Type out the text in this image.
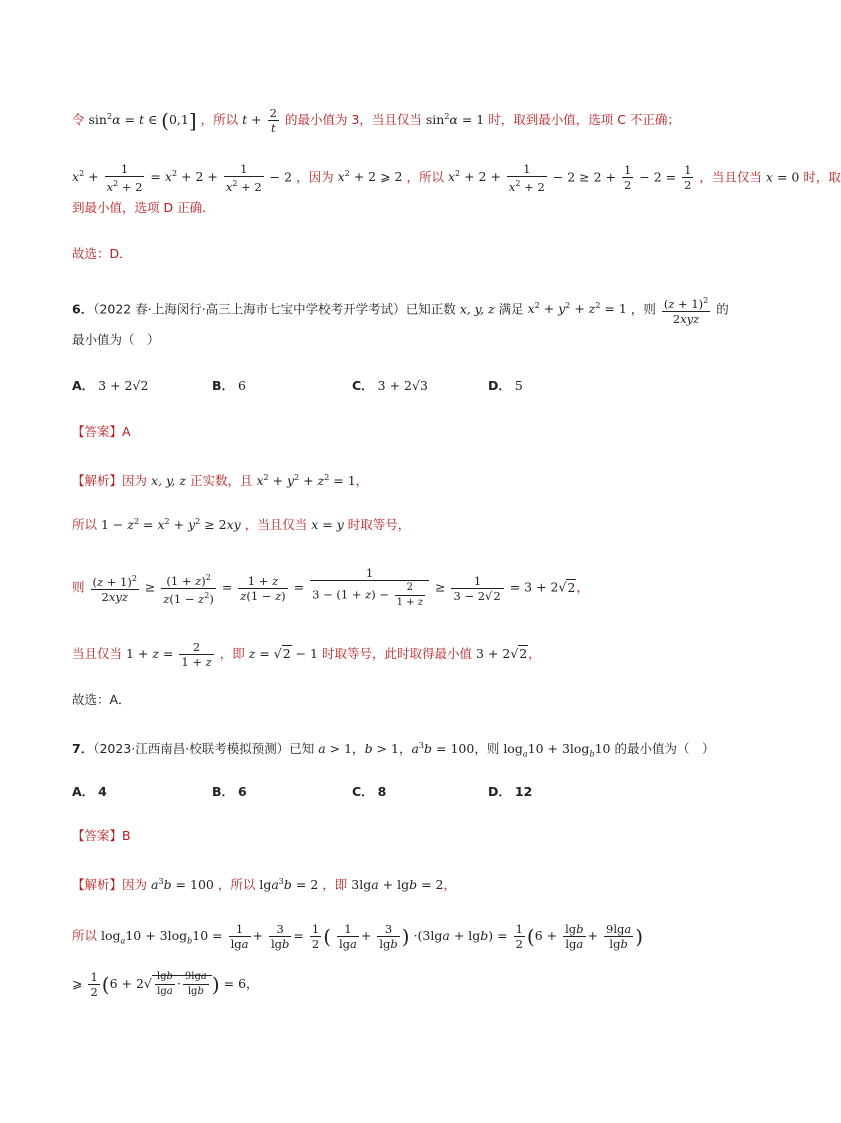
令 $\sin^2\alpha = t$ ∈ (0,1] ，所以 $t + \frac{2}{t}$ 的最小值为 3，当且仅当 $\sin^2\alpha = 1$ 时，取到最小值，选项 C 不正确；
$x^2 + \frac{1}{x^2 + 2} = x^2 + 2 + \frac{1}{x^2 + 2} - 2$ ，因为 $x^2 + 2$ ⩾ 2 ，所以 $x^2 + 2 + \frac{1}{x^2 + 2} - 2 \ge 2 + \frac{1}{2} - 2 = \frac{1}{2}$ ，当且仅当 x = 0 时，取
到最小值，选项 D 正确．
故选：D．
6．（2022 春·上海闵行·高三上海市七宝中学校考开学考试）已知正数 x, y, z 满足 $x^2 + y^2 + z^2 = 1$ ，则 $\frac{(z + 1)^2}{\text{2xyz}}$ 的
最小值为（　）
A． 3 + 2√2	B． 6	C． 3 + 2√3	D． 5
【答案】A
【解析】因为 x, y, z 正实数，且 $x^2 + y^2 + z^2 = 1$，
所以 $1 - z^2 = x^2 + y^2 \ge 2xy$ ，当且仅当 x = y 时取等号，
则 $\frac{(z + 1)^2}{\text{2xyz}} \ge \frac{(1 + z)^2}{z(1 - z^2)} = \frac{1 + z}{z(1 - z)} = \frac{1}{3 - (1 + z) - \frac{2}{1 + z}} \ge \frac{1}{3 - 2√2} = 3 + 2√2$，
当且仅当 $1 + z = \frac{2}{1 + z}$ ，即 z = √2 − 1 时取等号，此时取得最小值 3 + 2√2，
故选：A．
7．（2023·江西南昌·校联考模拟预测）已知 a > 1，b > 1，$a^3b = 100$，则 $\log_a10 + 3\log_b10$ 的最小值为（　）
A． 4	B． 6	C． 8	D． 12
【答案】B
【解析】因为 $a^3b = 100$ ，所以 lga$^3$b = 2 ，即 3lga + lgb = 2，
所以 $\log_a10 + 3\log_b10 = \frac{1}{\lg a} + \frac{3}{\lg b} = \frac{1}{2}$ ( $\frac{1}{\lg a} + \frac{3}{\lg b}$ ) $\cdot(3\lg a + \lg b) = \frac{1}{2} (6 + \frac{\lg b}{\lg a} + \frac{9\lg a}{\lg b}$ )
⩾ $\frac{1}{2} (6 + 2√ \frac{\lg b}{\lg a} \cdot \frac{9\lg a}{\lg b}$ ) = 6，
